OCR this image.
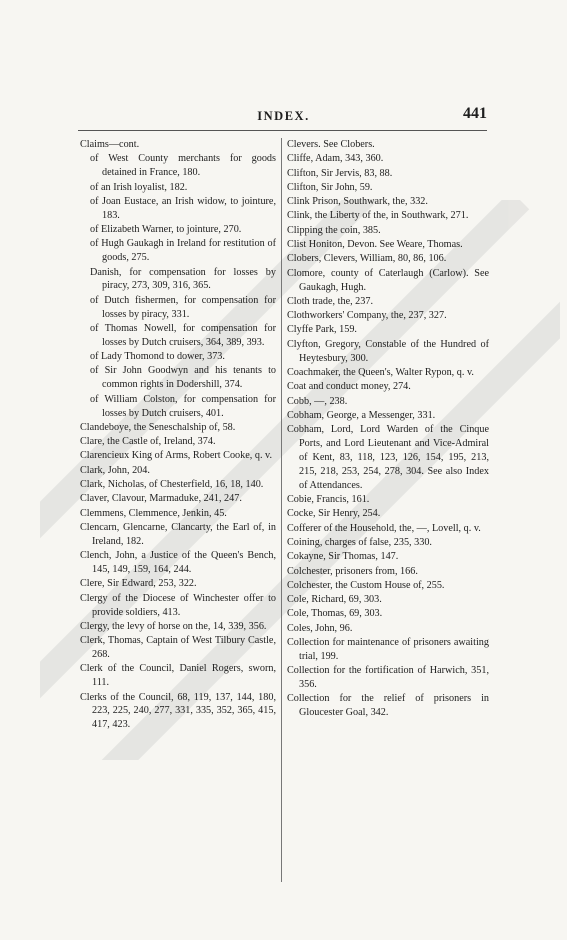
INDEX.	441
Claims—cont.
of West County merchants for goods detained in France, 180.
of an Irish loyalist, 182.
of Joan Eustace, an Irish widow, to jointure, 183.
of Elizabeth Warner, to jointure, 270.
of Hugh Gaukagh in Ireland for restitution of goods, 275.
Danish, for compensation for losses by piracy, 273, 309, 316, 365.
of Dutch fishermen, for compensation for losses by piracy, 331.
of Thomas Nowell, for compensation for losses by Dutch cruisers, 364, 389, 393.
of Lady Thomond to dower, 373.
of Sir John Goodwyn and his tenants to common rights in Dodershill, 374.
of William Colston, for compensation for losses by Dutch cruisers, 401.
Clandeboye, the Seneschalship of, 58.
Clare, the Castle of, Ireland, 374.
Clarencieux King of Arms, Robert Cooke, q. v.
Clark, John, 204.
Clark, Nicholas, of Chesterfield, 16, 18, 140.
Claver, Clavour, Marmaduke, 241, 247.
Clemmens, Clemmence, Jenkin, 45.
Clencarn, Glencarne, Clancarty, the Earl of, in Ireland, 182.
Clench, John, a Justice of the Queen's Bench, 145, 149, 159, 164, 244.
Clere, Sir Edward, 253, 322.
Clergy of the Diocese of Winchester offer to provide soldiers, 413.
Clergy, the levy of horse on the, 14, 339, 356.
Clerk, Thomas, Captain of West Tilbury Castle, 268.
Clerk of the Council, Daniel Rogers, sworn, 111.
Clerks of the Council, 68, 119, 137, 144, 180, 223, 225, 240, 277, 331, 335, 352, 365, 415, 417, 423.
Clevers. See Clobers.
Cliffe, Adam, 343, 360.
Clifton, Sir Jervis, 83, 88.
Clifton, Sir John, 59.
Clink Prison, Southwark, the, 332.
Clink, the Liberty of the, in Southwark, 271.
Clipping the coin, 385.
Clist Honiton, Devon. See Weare, Thomas.
Clobers, Clevers, William, 80, 86, 106.
Clomore, county of Caterlaugh (Carlow). See Gaukagh, Hugh.
Cloth trade, the, 237.
Clothworkers' Company, the, 237, 327.
Clyffe Park, 159.
Clyfton, Gregory, Constable of the Hundred of Heytesbury, 300.
Coachmaker, the Queen's, Walter Rypon, q. v.
Coat and conduct money, 274.
Cobb, —, 238.
Cobham, George, a Messenger, 331.
Cobham, Lord, Lord Warden of the Cinque Ports, and Lord Lieutenant and Vice-Admiral of Kent, 83, 118, 123, 126, 154, 195, 213, 215, 218, 253, 254, 278, 304. See also Index of Attendances.
Cobie, Francis, 161.
Cocke, Sir Henry, 254.
Cofferer of the Household, the, —, Lovell, q. v.
Coining, charges of false, 235, 330.
Cokayne, Sir Thomas, 147.
Colchester, prisoners from, 166.
Colchester, the Custom House of, 255.
Cole, Richard, 69, 303.
Cole, Thomas, 69, 303.
Coles, John, 96.
Collection for maintenance of prisoners awaiting trial, 199.
Collection for the fortification of Harwich, 351, 356.
Collection for the relief of prisoners in Gloucester Goal, 342.
